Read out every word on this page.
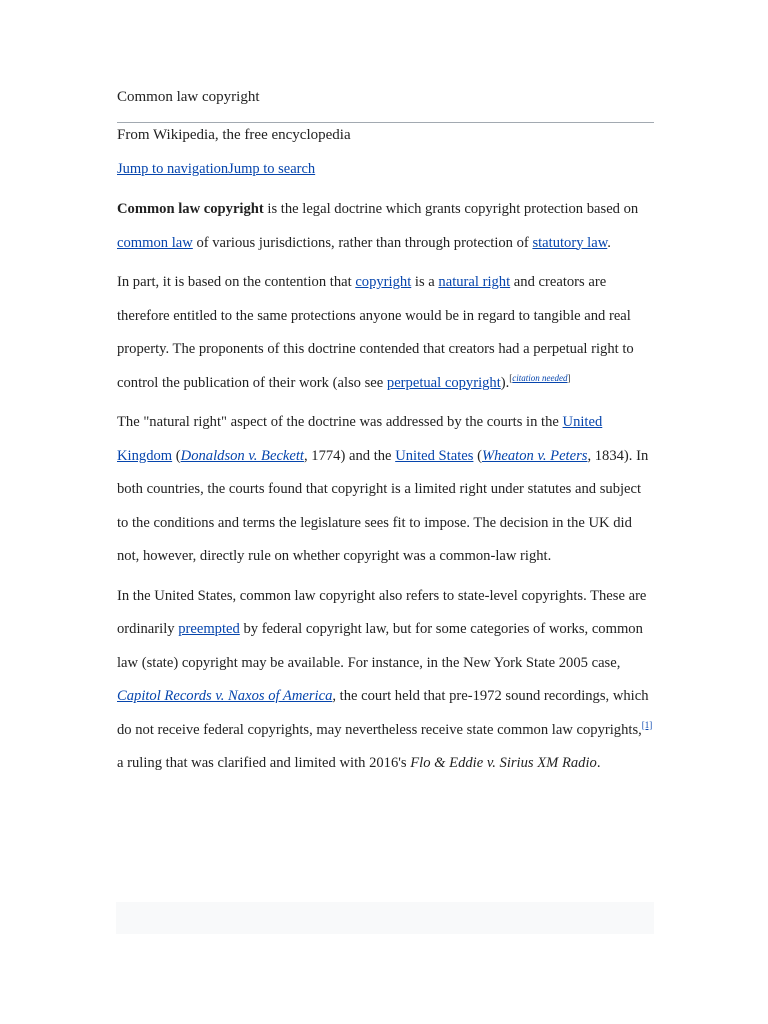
Common law copyright
From Wikipedia, the free encyclopedia
Jump to navigationJump to search

Common law copyright is the legal doctrine which grants copyright protection based on common law of various jurisdictions, rather than through protection of statutory law.

In part, it is based on the contention that copyright is a natural right and creators are therefore entitled to the same protections anyone would be in regard to tangible and real property. The proponents of this doctrine contended that creators had a perpetual right to control the publication of their work (also see perpetual copyright).[citation needed]

The "natural right" aspect of the doctrine was addressed by the courts in the United Kingdom (Donaldson v. Beckett, 1774) and the United States (Wheaton v. Peters, 1834). In both countries, the courts found that copyright is a limited right under statutes and subject to the conditions and terms the legislature sees fit to impose. The decision in the UK did not, however, directly rule on whether copyright was a common-law right.

In the United States, common law copyright also refers to state-level copyrights. These are ordinarily preempted by federal copyright law, but for some categories of works, common law (state) copyright may be available. For instance, in the New York State 2005 case, Capitol Records v. Naxos of America, the court held that pre-1972 sound recordings, which do not receive federal copyrights, may nevertheless receive state common law copyrights,[1] a ruling that was clarified and limited with 2016's Flo & Eddie v. Sirius XM Radio.
